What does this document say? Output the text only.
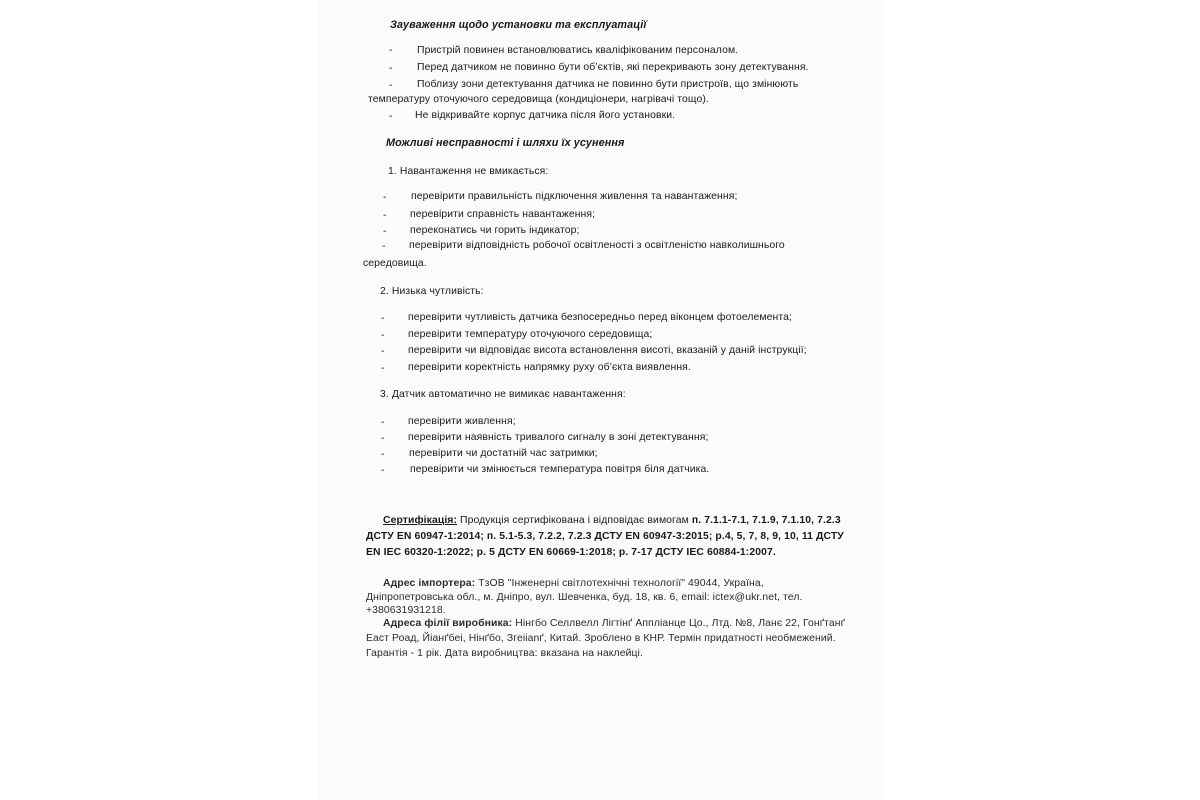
Зауваження щодо установки та експлуатації
- Пристрій повинен встановлюватись кваліфікованим персоналом.
- Перед датчиком не повинно бути об’єктів, які перекривають зону детектування.
- Поблизу зони детектування датчика не повинно бути пристроїв, що змінюють
температуру оточуючого середовища (кондиціонери, нагрівачі тощо).
- Не відкривайте корпус датчика після його установки.
Можливі несправності і шляхи їх усунення
1. Навантаження не вмикається:
- перевірити правильність підключення живлення та навантаження;
- перевірити справність навантаження;
- переконатись чи горить індикатор;
- перевірити відповідність робочої освітленості з освітленістю навколишнього
середовища.
2. Низька чутливість:
- перевірити чутливість датчика безпосередньо перед віконцем фотоелемента;
- перевірити температуру оточуючого середовища;
- перевірити чи відповідає висота встановлення висоті, вказаній у даній інструкції;
- перевірити коректність напрямку руху об’єкта виявлення.
3. Датчик автоматично не вимикає навантаження:
- перевірити живлення;
- перевірити наявність тривалого сигналу в зоні детектування;
- перевірити чи достатній час затримки;
- перевірити чи змінюється температура повітря біля датчика.
Сертифікація: Продукція сертифікована і відповідає вимогам п. 7.1.1-7.1, 7.1.9, 7.1.10, 7.2.3
ДСТУ EN 60947-1:2014; п. 5.1-5.3, 7.2.2, 7.2.3 ДСТУ EN 60947-3:2015; р.4, 5, 7, 8, 9, 10, 11 ДСТУ
EN IEC 60320-1:2022; р. 5 ДСТУ EN 60669-1:2018; р. 7-17 ДСТУ IEC 60884-1:2007.
Адрес імпортера: ТзОВ "Інженерні світлотехнічні технології" 49044, Україна,
Дніпропетровська обл., м. Дніпро, вул. Шевченка, буд. 18, кв. 6, email: ictex@ukr.net, тел.
+380631931218.
Адреса філії виробника: Нінгбо Селлвелл Лігтінґ Аппліанце Цо., Лтд. №8, Ланє 22, Гонґтанґ
Еаст Роад, Йіанґбеі, Нінґбо, Згеіianґ, Китай. Зроблено в КНР. Термін придатності необмежений.
Гарантія - 1 рік. Дата виробництва: вказана на наклейці.
